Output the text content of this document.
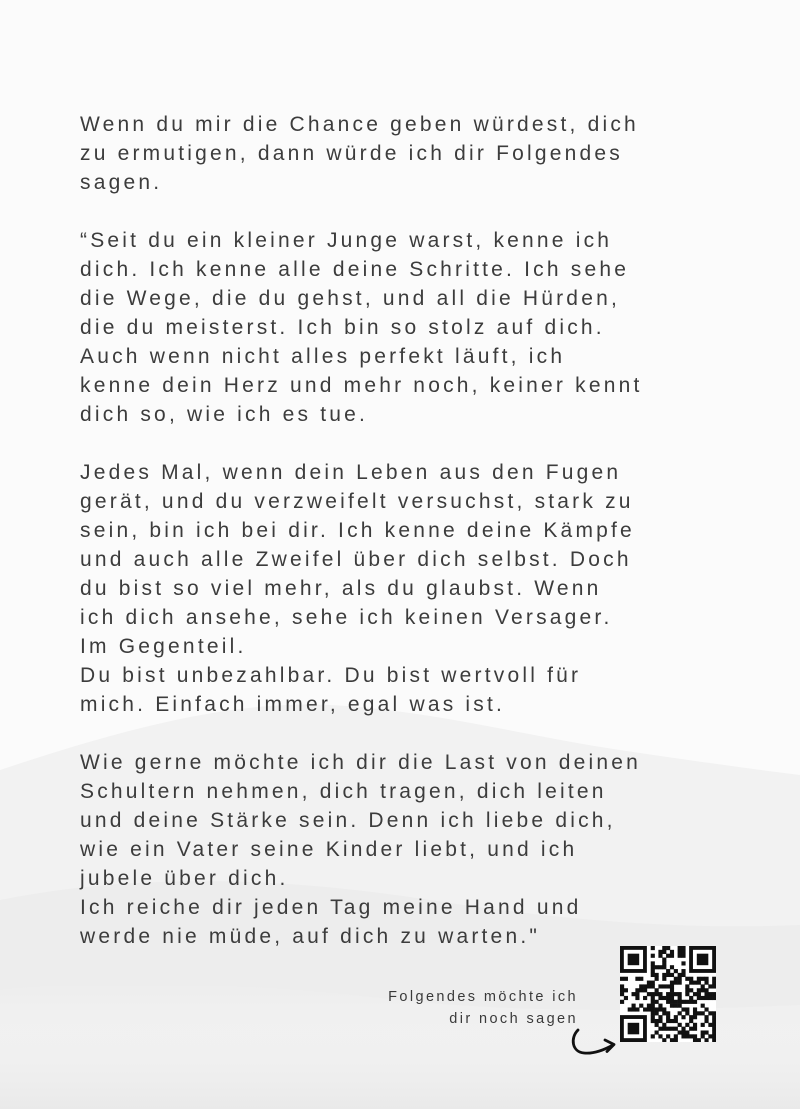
Wenn du mir die Chance geben würdest, dich
zu ermutigen, dann würde ich dir Folgendes
sagen.

“Seit du ein kleiner Junge warst, kenne ich
dich. Ich kenne alle deine Schritte. Ich sehe
die Wege, die du gehst, und all die Hürden,
die du meisterst. Ich bin so stolz auf dich.
Auch wenn nicht alles perfekt läuft, ich
kenne dein Herz und mehr noch, keiner kennt
dich so, wie ich es tue.

Jedes Mal, wenn dein Leben aus den Fugen
gerät, und du verzweifelt versuchst, stark zu
sein, bin ich bei dir. Ich kenne deine Kämpfe
und auch alle Zweifel über dich selbst. Doch
du bist so viel mehr, als du glaubst. Wenn
ich dich ansehe, sehe ich keinen Versager.
Im Gegenteil.
Du bist unbezahlbar. Du bist wertvoll für
mich. Einfach immer, egal was ist.

Wie gerne möchte ich dir die Last von deinen
Schultern nehmen, dich tragen, dich leiten
und deine Stärke sein. Denn ich liebe dich,
wie ein Vater seine Kinder liebt, und ich
jubele über dich.
Ich reiche dir jeden Tag meine Hand und
werde nie müde, auf dich zu warten."

Folgendes möchte ich
dir noch sagen
